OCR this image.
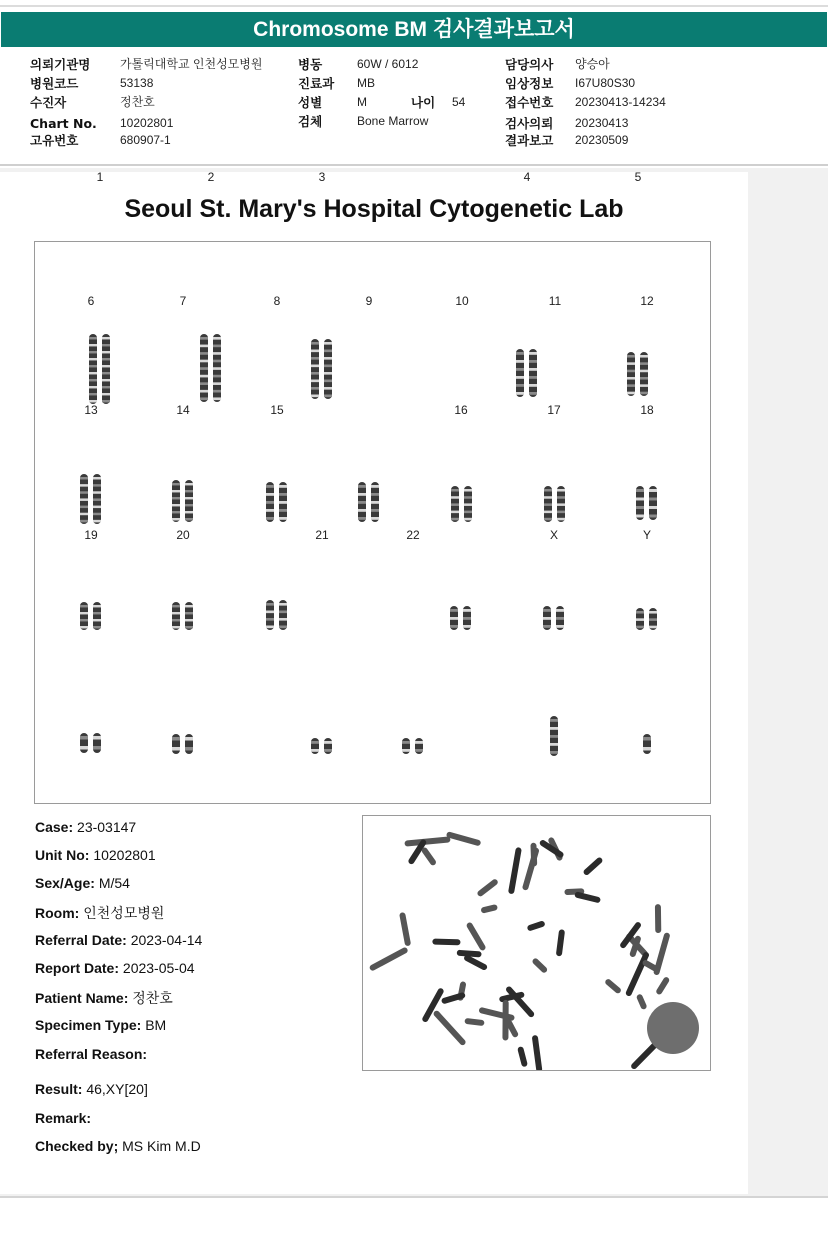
Chromosome BM 검사결과보고서
의뢰기관명 가톨릭대학교 인천성모병원
병원코드	53138
수진자	정찬호
Chart No. 10202801
고유번호	680907-1
병동	60W / 6012
진료과 MB
성별	M	나이 54
검체	Bone Marrow
담당의사 양승아
임상정보 I67U80S30
접수번호 20230413-14234
검사의뢰 20230413
결과보고 20230509
Seoul St. Mary's Hospital Cytogenetic Lab
1	2	3	4	5
6	7	8	9	10	11	12
13	14	15	16	17	18
19	20	21	22	X	Y
Case: 23-03147
Unit No: 10202801
Sex/Age: M/54
Room: 인천성모병원
Referral Date: 2023-04-14
Report Date: 2023-05-04
Patient Name: 정찬호
Specimen Type: BM
Referral Reason:
Result: 46,XY[20]
Remark:
Checked by; MS Kim M.D
